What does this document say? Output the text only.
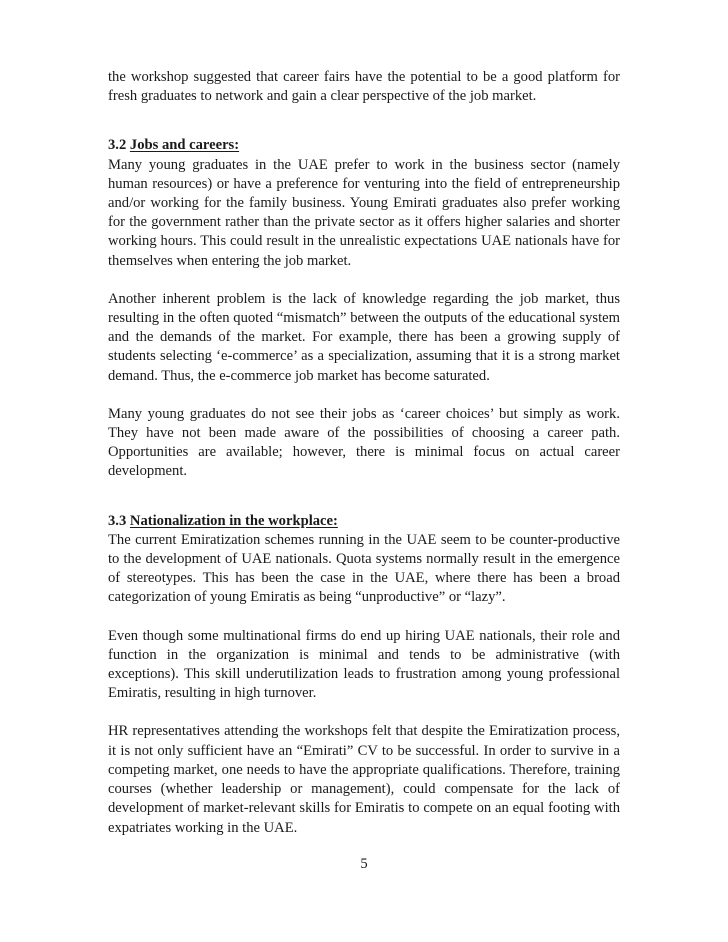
the workshop suggested that career fairs have the potential to be a good platform for fresh graduates to network and gain a clear perspective of the job market.

3.2 Jobs and careers:

Many young graduates in the UAE prefer to work in the business sector (namely human resources) or have a preference for venturing into the field of entrepreneurship and/or working for the family business. Young Emirati graduates also prefer working for the government rather than the private sector as it offers higher salaries and shorter working hours. This could result in the unrealistic expectations UAE nationals have for themselves when entering the job market.

Another inherent problem is the lack of knowledge regarding the job market, thus resulting in the often quoted “mismatch” between the outputs of the educational system and the demands of the market. For example, there has been a growing supply of students selecting ‘e-commerce’ as a specialization, assuming that it is a strong market demand. Thus, the e-commerce job market has become saturated.

Many young graduates do not see their jobs as ‘career choices’ but simply as work. They have not been made aware of the possibilities of choosing a career path. Opportunities are available; however, there is minimal focus on actual career development.

3.3 Nationalization in the workplace:

The current Emiratization schemes running in the UAE seem to be counter-productive to the development of UAE nationals. Quota systems normally result in the emergence of stereotypes. This has been the case in the UAE, where there has been a broad categorization of young Emiratis as being “unproductive” or “lazy”.

Even though some multinational firms do end up hiring UAE nationals, their role and function in the organization is minimal and tends to be administrative (with exceptions). This skill underutilization leads to frustration among young professional Emiratis, resulting in high turnover.

HR representatives attending the workshops felt that despite the Emiratization process, it is not only sufficient have an “Emirati” CV to be successful. In order to survive in a competing market, one needs to have the appropriate qualifications. Therefore, training courses (whether leadership or management), could compensate for the lack of development of market-relevant skills for Emiratis to compete on an equal footing with expatriates working in the UAE.

5
